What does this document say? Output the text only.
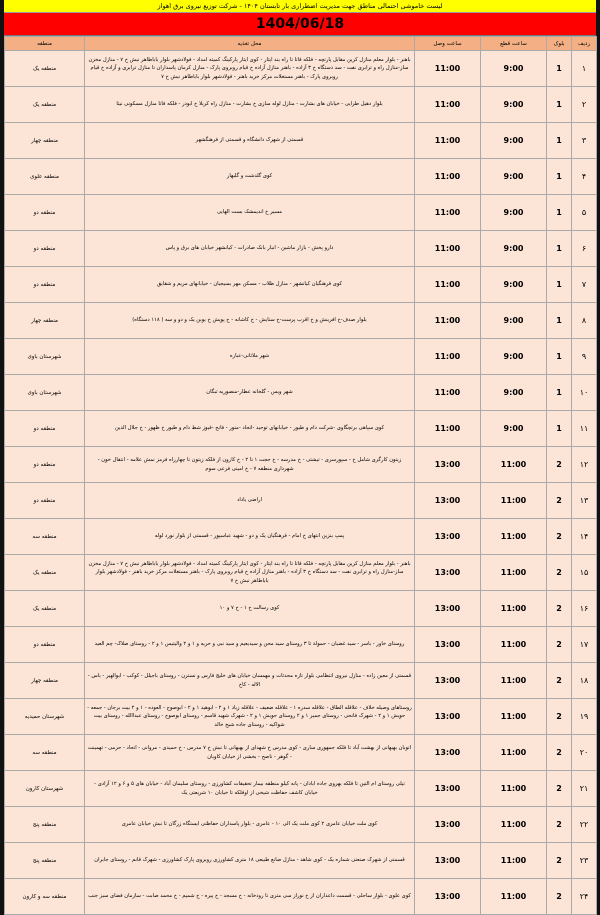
لیست خاموشی احتمالی مناطق جهت مدیریت اضطراری بار تابستان ۱۴۰۴ - شرکت توزیع نیروی برق اهواز
1404/06/18
ردیف	بلوک	ساعت قطع	ساعت وصل	محل تغذیه	منطقه
۱	1	9:00	11:00	باهنر - بلوار معلم منازل کرین مقابل پارتچه - فلکه فاتا تا راه بند ایثار - کوی ایثار پارکینگ کمیته امداد - فولادشهر بلوار باباطاهر نبش خ ۷ - منازل مخزن ساز-منازل راه و ترابری نفت - سد دستگاه خ ۳ آزاده - باهنر منازل آزاده خ قیام روبروی پارک - منازل کرمان پاسداران تا منازل ترابری و آزاده خ قیام روبروی پارک - باهنر مستغلات مرکز خرید باهنر - فولادشهر بلوار باباطاهر نبش خ ۷	منطقه یک
۲	1	9:00	11:00	بلوار دهیل طرایی - خیابان های بشارت - منازل لوله سازی خ بشارت - منازل راه کربلا خ ابوذر - فلکه فاتا منازل مسکونی نیتا	منطقه یک
۳	1	9:00	11:00	قسمتی از شهرک دانشگاه و قسمتی از فرهنگشهر	منطقه چهار
۴	1	9:00	11:00	کوی گلدشت و گلبهار	منطقه علوی
۵	1	9:00	11:00	مسیر خ اندیمشک بست الهایی	منطقه دو
۶	1	9:00	11:00	دارو پخش - بازار ماشین - انبار بانک صادرات - کیانشهر خیابان های برق و پاس	منطقه دو
۷	1	9:00	11:00	کوی فرهنگیان کیانشهر - منازل طلاب - مسکن مهر بسیجیان - خیابانهای مریم و شقایق	منطقه دو
۸	1	9:00	11:00	بلوار صدف-خ افرینش و خ اقرب پرست-خ ستایش - خ کاشانه - خ پویش خ بوبن یک و دو و سه ( ۱۱۸ دستگاه)	منطقه چهار
۹	1	9:00	11:00	شهر ملاثانی-عباره	شهرستان باوی
۱۰	1	9:00	11:00	شهر ویس - گلخانه عطار-منصوریه تبگان	شهرستان باوی
۱۱	1	9:00	11:00	کوی سپاهی برتچگاوی -شرکت دام و طیور - خیابانهای توحید -اتحاد -منور - فانح -فیوز شط دام و طیور خ ظهور - خ جلال الدین	منطقه دو
۱۲	2	11:00	13:00	زیتون کارگری شامل خ - سپورسری - تیشتی - خ مدرسه - خ حجت ۱ تا ۲ - خ کارون از فلکه زیتون تا چهارراه فرمز نمش علامه - انتقال خون - شهرداری منطقه ۷ - خ امینی فرعی سوم	منطقه دو
۱۳	2	11:00	13:00	اراضی یاداد	منطقه دو
۱۴	2	11:00	13:00	پمپ بنزین انتهای خ امام - فرهنگیان یک و دو - شهید عباسپور - قسمتی از بلوار نورد لوله	منطقه سه
۱۵	2	11:00	13:00	باهنر - بلوار معلم منازل کرین مقابل پارتچه - فلکه فاتا تا راه بند ایثار - کوی ایثار پارکینگ کمیته امداد - فولادشهر بلوار باباطاهر نبش خ ۷ - منازل مخزن ساز-منازل راه و ترابری نفت - سد دستگاه خ ۳ آزاده - باهنر منازل آزاده خ قیام روبروی پارک - باهنر مستغلات مرکز خرید باهنر - فولادشهر بلوار باباطاهر نبش خ ۷	منطقه یک
۱۶	2	11:00	13:00	کوی رسالت خ ۱ - خ ۷ و ۱۰	منطقه یک
۱۷	2	11:00	13:00	روستای خاور - باسر - سید غضبان - حمولة تا ۳ روستای سید محن و سیدیعیم و سید نبی و حریه و ۱ و ۲ والیتیس ۱ و ۲ - روستای صلاک- چم العید	منطقه دو
۱۸	2	11:00	13:00	قسمتی از معین زاده - منازل نیروی انتظامی بلوار تازه محدثات و مهمسان خیابان های خلیج فارس و نسترن - روستای باجیلل - کوکب - ابوالهیر - باس - الاله - کاخ	منطقه چهار
۱۹	2	11:00	13:00	روستاهای وصیله خلاف - علاقله الطاق - علاقله سدره ۱ - علاقله ضعیف - علاقله زیاد ۱ و ۲ - ابوهید ۱ و ۲ - ابوصوج - العوده - ۱ و ۲ بیت برجان - جمعه - حویش ۱ و ۲ - شهرک فانحی - روستای جمیر ۱ و ۲ روستای حویش ۱ و ۲ - شهرک شهید قاسم - روستای ابوصوج - روستای عبداالله - روستای بیت شواکیه - روستای جاده شیخ خالد	شهرستان حمیدیه
۲۰	2	11:00	13:00	اتوبان بهبهانی از بهشت آباد تا فلکه جمهوری ساری - کوی مدرس خ شهدای از بهبهانی تا نبش خ ۷ مدرس - خ حمیدی - مروانی - اتحاد - حرمی - تهمینت - گوهر - ناصح - بخشی از خیابان کاوبان	منطقه سه
۲۱	2	11:00	13:00	تیلی روستای ام التین تا فلکه بهروی جاده ابادان - پانه کیلو منطقه بیمار تحقیقات کشاورزی - روستای سلیمان آباد - خیابان های ۵ و ۶ و ۱۲ آزادی - خیابان کاشف حفاظت شیخی از اوفلکه تا خیابان ۱۰ شریعتی یک	شهرستان کارون
۲۲	2	11:00	13:00	کوی ملت خیابان عامری ۲ کوی ملت یک الی ۱۰ - عامری - بلوار پاسداران حفاظتی ایستگاه زرگان تا نبش خیابان عامری	منطقه پنج
۲۳	2	11:00	13:00	قسمتی از شهرک صنعتی شماره یک - کوی شاهد - منازل صانع طبیعی ۱۸ متری کشاورزی روبروی پارک کشاورزی - شهرک قانم - روستای جابران	منطقه پنج
۲۴	2	11:00	13:00	کوی علوی - بلوار ساحلی - قسمت داعداران از خ نوراز سی متری تا رودخانه - خ مسجد - خ پیره - خ شمیم - خ محمد صابت - سازمان فضای سبز جنب	منطقه سه و کارون
